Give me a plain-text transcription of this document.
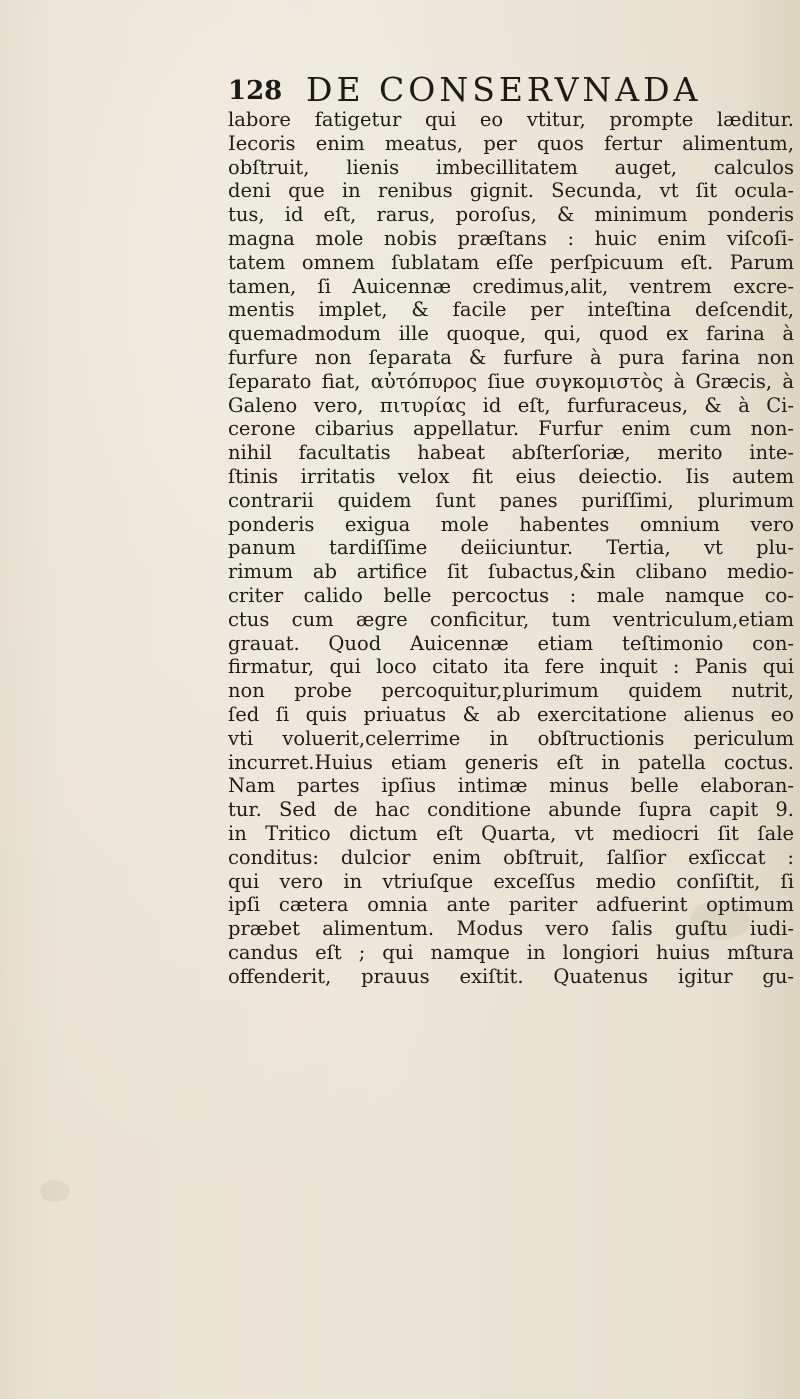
128 DE CONSERVNADA
labore fatigetur qui eo vtitur, prompte læditur.
Iecoris enim meatus, per quos fertur alimentum,
obſtruit, lienis imbecillitatem auget, calculos
deni que in renibus gignit. Secunda, vt ſit ocula-
tus, id eſt, rarus, poroſus, & minimum ponderis
magna mole nobis præſtans : huic enim viſcoſi-
tatem omnem ſublatam eſſe perſpicuum eſt. Parum
tamen, ſi Auicennæ credimus,alit, ventrem excre-
mentis implet, & facile per inteſtina deſcendit,
quemadmodum ille quoque, qui, quod ex farina à
furfure non ſeparata & furfure à pura farina non
ſeparato fiat, αὐτόπυρος ſiue συγκομιστὸς à Græcis, à
Galeno vero, πιτυρίας id eſt, furfuraceus, & à Ci-
cerone cibarius appellatur. Furfur enim cum non-
nihil facultatis habeat abſterſoriæ, merito inte-
ſtinis irritatis velox fit eius deiectio. Iis autem
contrarii quidem ſunt panes puriſſimi, plurimum
ponderis exigua mole habentes omnium vero
panum tardiſſime deiiciuntur. Tertia, vt plu-
rimum ab artifice ſit ſubactus,&in clibano medio-
criter calido belle percoctus : male namque co-
ctus cum ægre conficitur, tum ventriculum,etiam
grauat. Quod Auicennæ etiam teſtimonio con-
firmatur, qui loco citato ita fere inquit : Panis qui
non probe percoquitur,plurimum quidem nutrit,
ſed ſi quis priuatus & ab exercitatione alienus eo
vti voluerit,celerrime in obſtructionis periculum
incurret.Huius etiam generis eſt in patella coctus.
Nam partes ipſius intimæ minus belle elaboran-
tur. Sed de hac conditione abunde ſupra capit 9.
in Tritico dictum eſt Quarta, vt mediocri ſit ſale
conditus: dulcior enim obſtruit, ſalſior exſiccat :
qui vero in vtriuſque exceſſus medio conſiſtit, ſi
ipſi cætera omnia ante pariter adfuerint optimum
præbet alimentum. Modus vero ſalis guſtu iudi-
candus eſt ; qui namque in longiori huius mſtura
offenderit, prauus exiſtit. Quatenus igitur gu-
